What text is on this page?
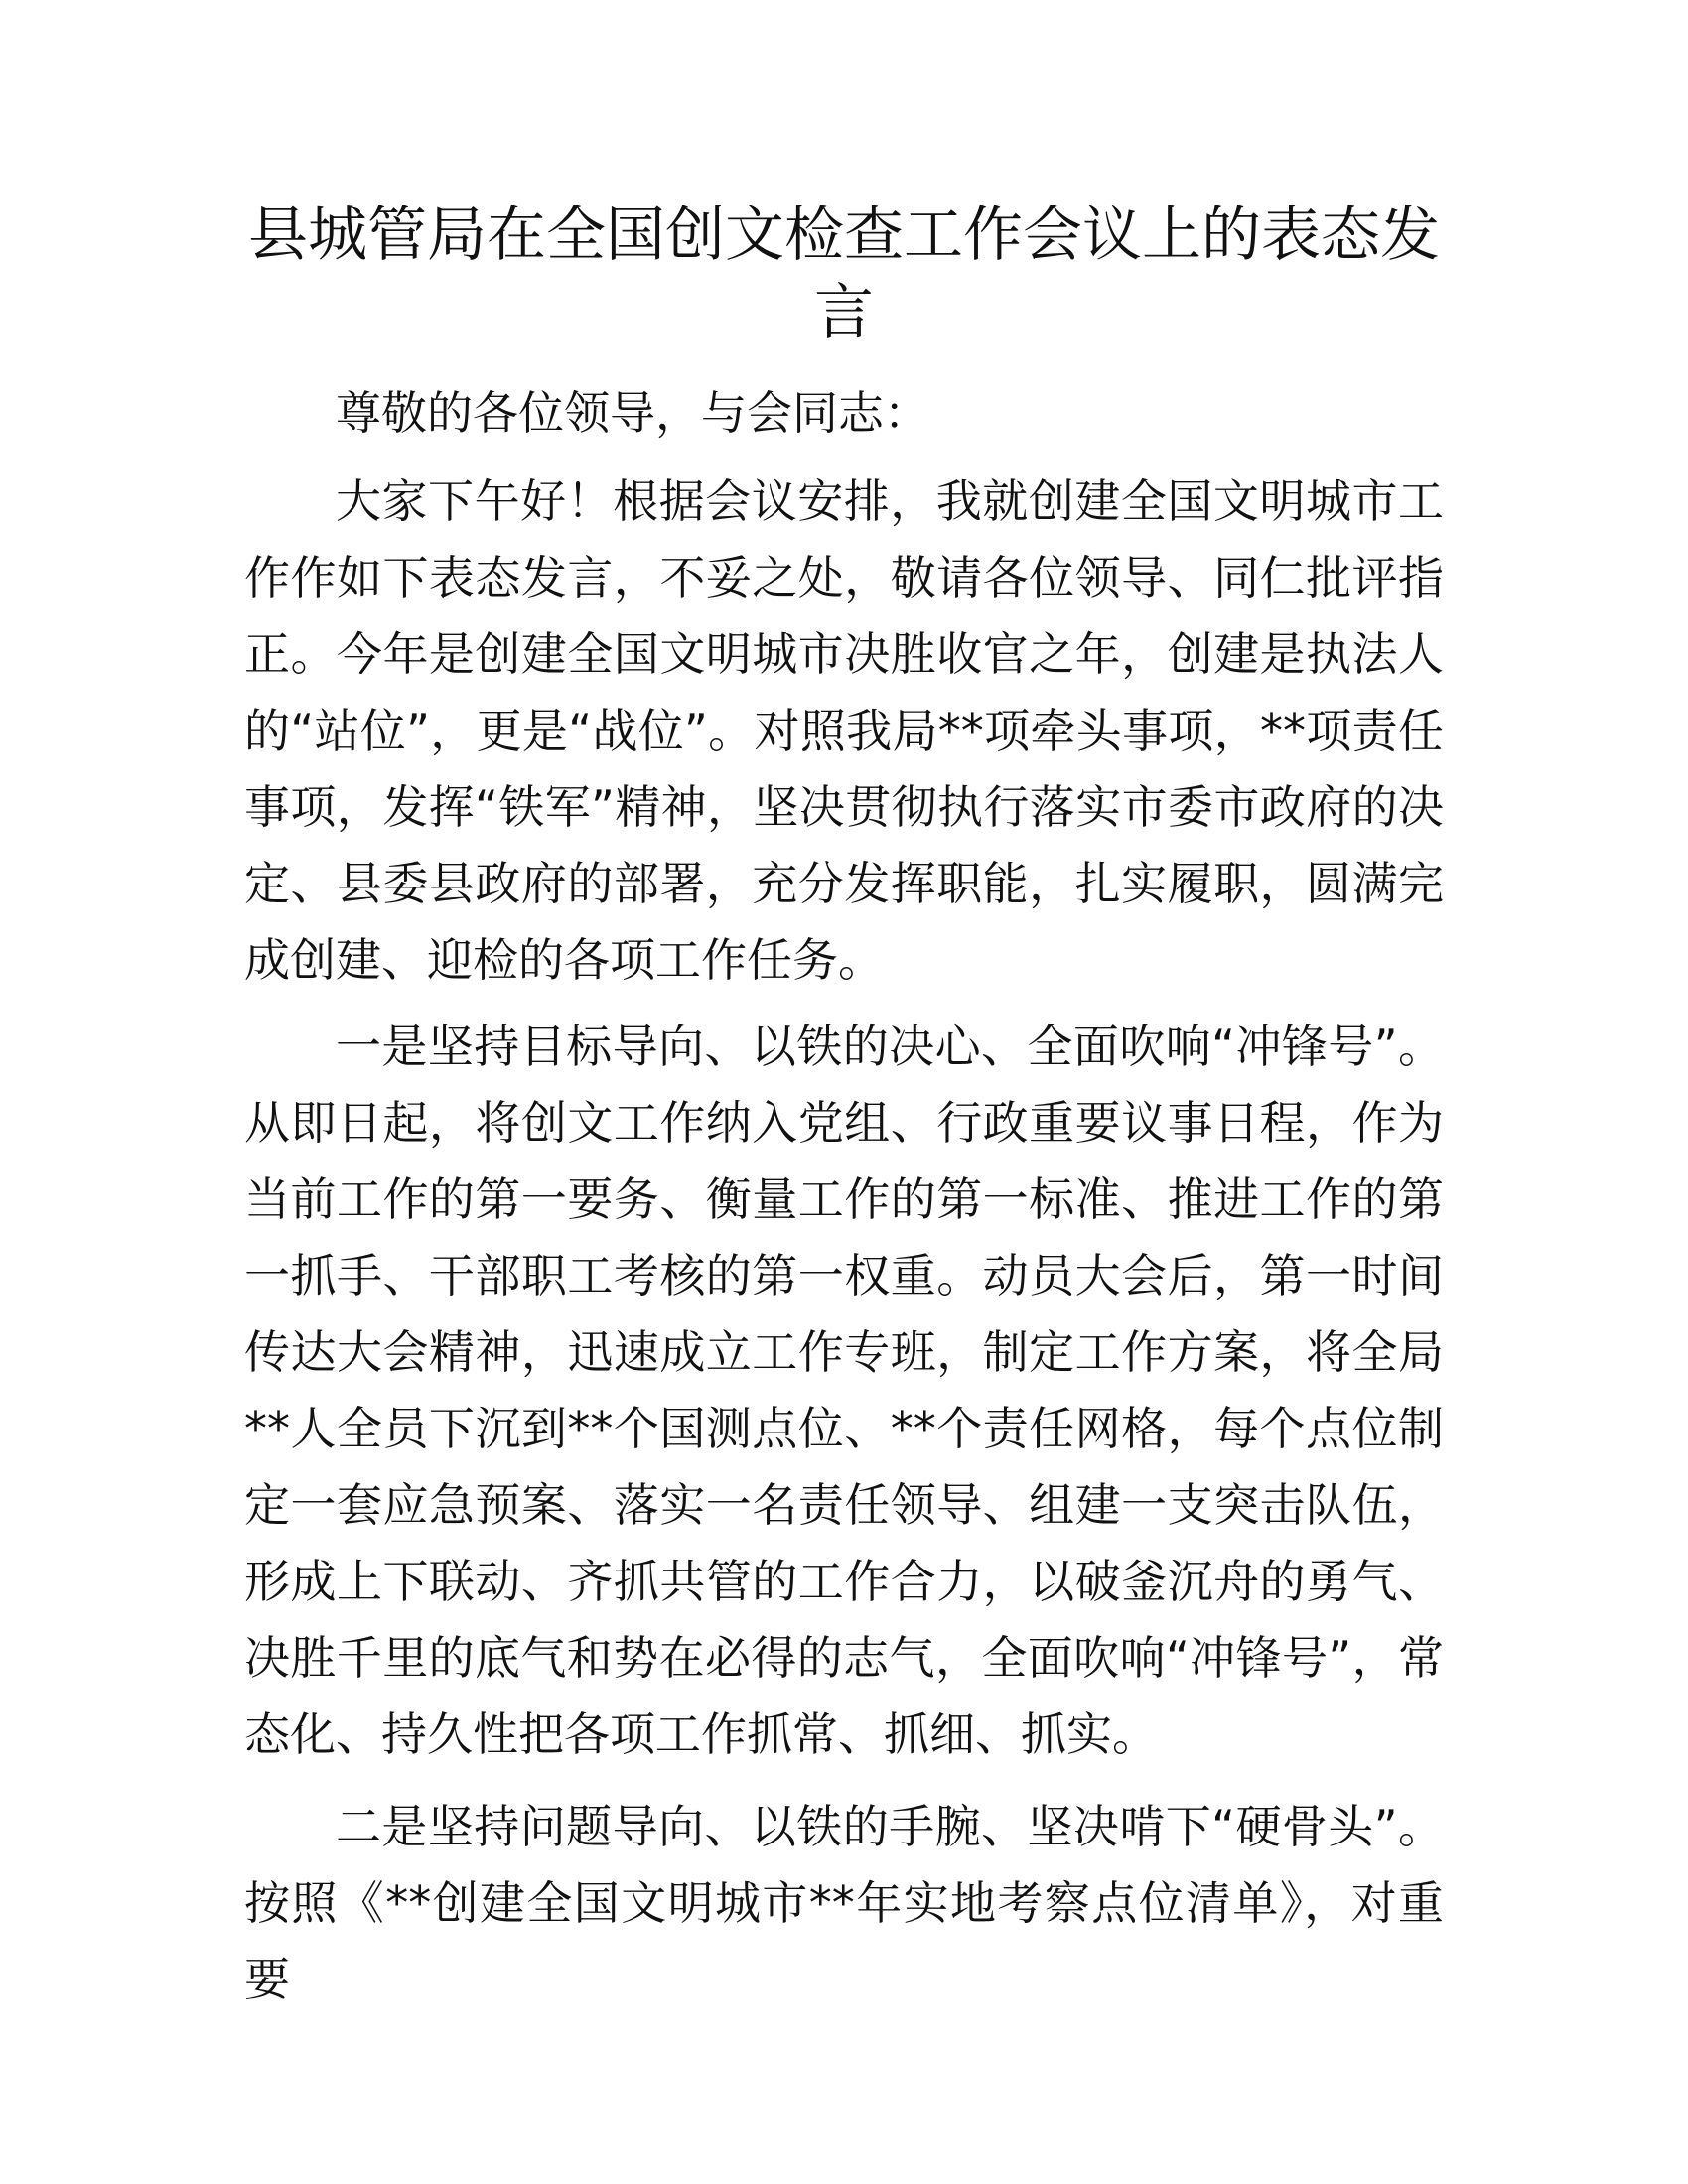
县城管局在全国创文检查工作会议上的表态发言

尊敬的各位领导，与会同志：

大家下午好！根据会议安排，我就创建全国文明城市工作作如下表态发言，不妥之处，敬请各位领导、同仁批评指正。今年是创建全国文明城市决胜收官之年，创建是执法人的“站位”，更是“战位”。对照我局**项牵头事项，**项责任事项，发挥“铁军”精神，坚决贯彻执行落实市委市政府的决定、县委县政府的部署，充分发挥职能，扎实履职，圆满完成创建、迎检的各项工作任务。

一是坚持目标导向、以铁的决心、全面吹响“冲锋号”。从即日起，将创文工作纳入党组、行政重要议事日程，作为当前工作的第一要务、衡量工作的第一标准、推进工作的第一抓手、干部职工考核的第一权重。动员大会后，第一时间传达大会精神，迅速成立工作专班，制定工作方案，将全局**人全员下沉到**个国测点位、**个责任网格，每个点位制定一套应急预案、落实一名责任领导、组建一支突击队伍，形成上下联动、齐抓共管的工作合力，以破釜沉舟的勇气、决胜千里的底气和势在必得的志气，全面吹响“冲锋号”，常态化、持久性把各项工作抓常、抓细、抓实。

二是坚持问题导向、以铁的手腕、坚决啃下“硬骨头”。按照《**创建全国文明城市**年实地考察点位清单》，对重要
